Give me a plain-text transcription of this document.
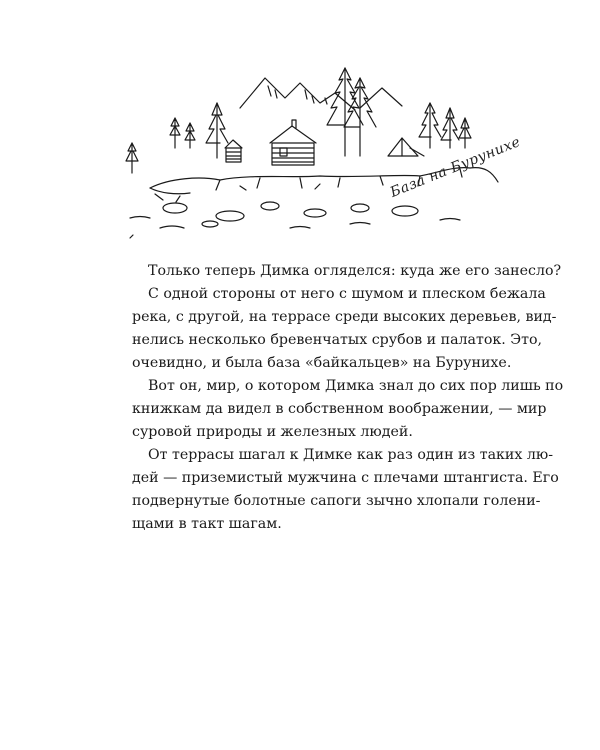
База на Бурунихе

Только теперь Димка огляделся: куда же его занесло?

С одной стороны от него с шумом и плеском бежала
река, с другой, на террасе среди высоких деревьев, вид-
нелись несколько бревенчатых срубов и палаток. Это,
очевидно, и была база «байкальцев» на Бурунихе.

Вот он, мир, о котором Димка знал до сих пор лишь по
книжкам да видел в собственном воображении, — мир
суровой природы и железных людей.

От террасы шагал к Димке как раз один из таких лю-
дей — приземистый мужчина с плечами штангиста. Его
подвернутые болотные сапоги зычно хлопали голени-
щами в такт шагам.
